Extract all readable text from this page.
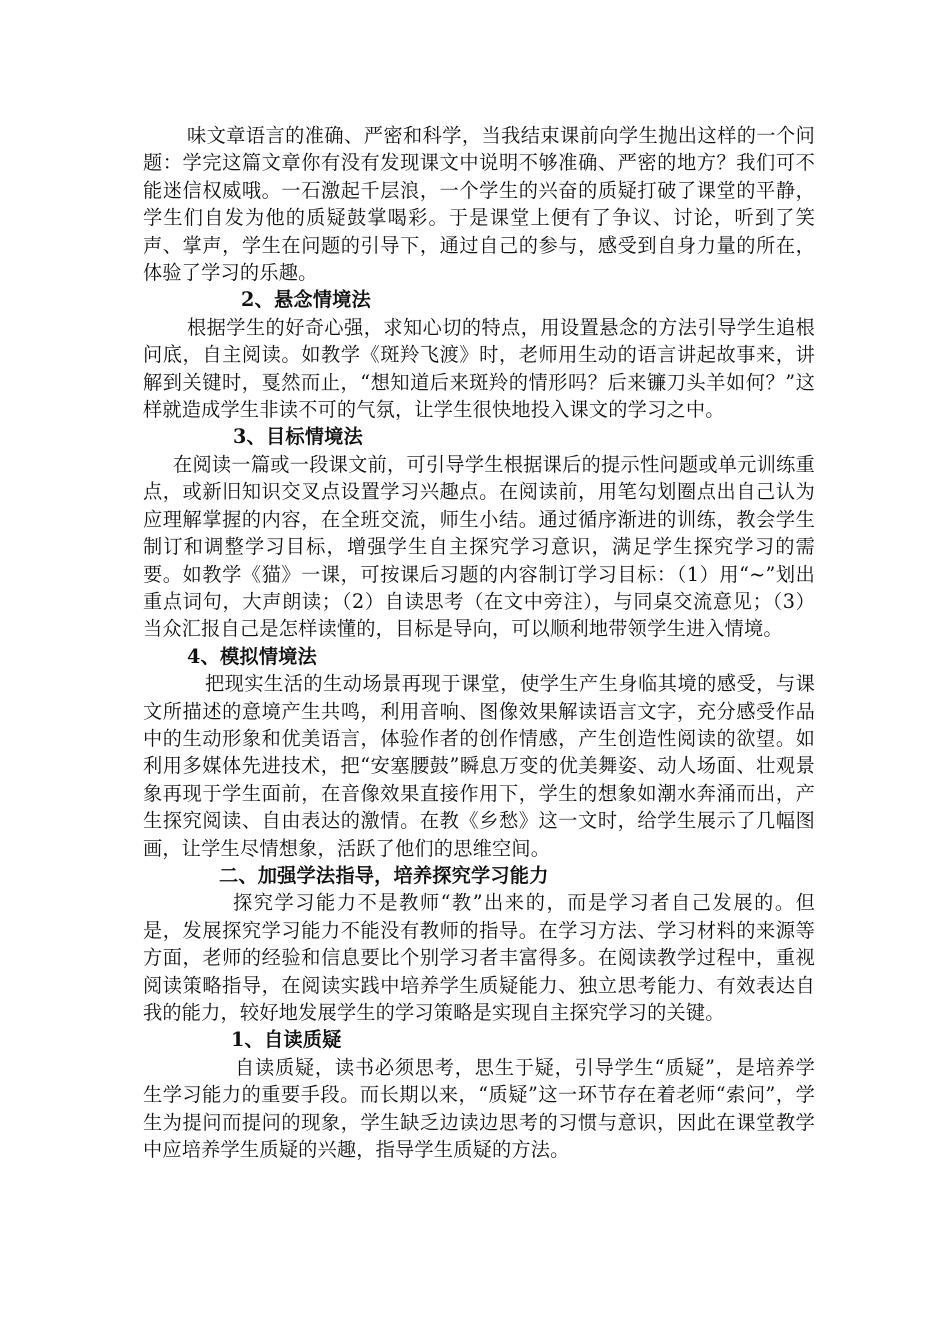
味文章语言的准确、严密和科学，当我结束课前向学生抛出这样的一个问题：学完这篇文章你有没有发现课文中说明不够准确、严密的地方？我们可不能迷信权威哦。一石激起千层浪，一个学生的兴奋的质疑打破了课堂的平静，学生们自发为他的质疑鼓掌喝彩。于是课堂上便有了争议、讨论，听到了笑声、掌声，学生在问题的引导下，通过自己的参与，感受到自身力量的所在，体验了学习的乐趣。

2、悬念情境法

根据学生的好奇心强，求知心切的特点，用设置悬念的方法引导学生追根问底，自主阅读。如教学《斑羚飞渡》时，老师用生动的语言讲起故事来，讲解到关键时，戛然而止，“想知道后来斑羚的情形吗？后来镰刀头羊如何？”这样就造成学生非读不可的气氛，让学生很快地投入课文的学习之中。

3、目标情境法

在阅读一篇或一段课文前，可引导学生根据课后的提示性问题或单元训练重点，或新旧知识交叉点设置学习兴趣点。在阅读前，用笔勾划圈点出自己认为应理解掌握的内容，在全班交流，师生小结。通过循序渐进的训练，教会学生制订和调整学习目标，增强学生自主探究学习意识，满足学生探究学习的需要。如教学《猫》一课，可按课后习题的内容制订学习目标：（1）用“~”划出重点词句，大声朗读；（2）自读思考（在文中旁注），与同桌交流意见；（3）当众汇报自己是怎样读懂的，目标是导向，可以顺利地带领学生进入情境。

4、模拟情境法

把现实生活的生动场景再现于课堂，使学生产生身临其境的感受，与课文所描述的意境产生共鸣，利用音响、图像效果解读语言文字，充分感受作品中的生动形象和优美语言，体验作者的创作情感，产生创造性阅读的欲望。如利用多媒体先进技术，把“安塞腰鼓”瞬息万变的优美舞姿、动人场面、壮观景象再现于学生面前，在音像效果直接作用下，学生的想象如潮水奔涌而出，产生探究阅读、自由表达的激情。在教《乡愁》这一文时，给学生展示了几幅图画，让学生尽情想象，活跃了他们的思维空间。

二、加强学法指导，培养探究学习能力

探究学习能力不是教师“教”出来的，而是学习者自己发展的。但是，发展探究学习能力不能没有教师的指导。在学习方法、学习材料的来源等方面，老师的经验和信息要比个别学习者丰富得多。在阅读教学过程中，重视阅读策略指导，在阅读实践中培养学生质疑能力、独立思考能力、有效表达自我的能力，较好地发展学生的学习策略是实现自主探究学习的关键。

1、自读质疑

自读质疑，读书必须思考，思生于疑，引导学生“质疑”，是培养学生学习能力的重要手段。而长期以来，“质疑”这一环节存在着老师“索问”，学生为提问而提问的现象，学生缺乏边读边思考的习惯与意识，因此在课堂教学中应培养学生质疑的兴趣，指导学生质疑的方法。
